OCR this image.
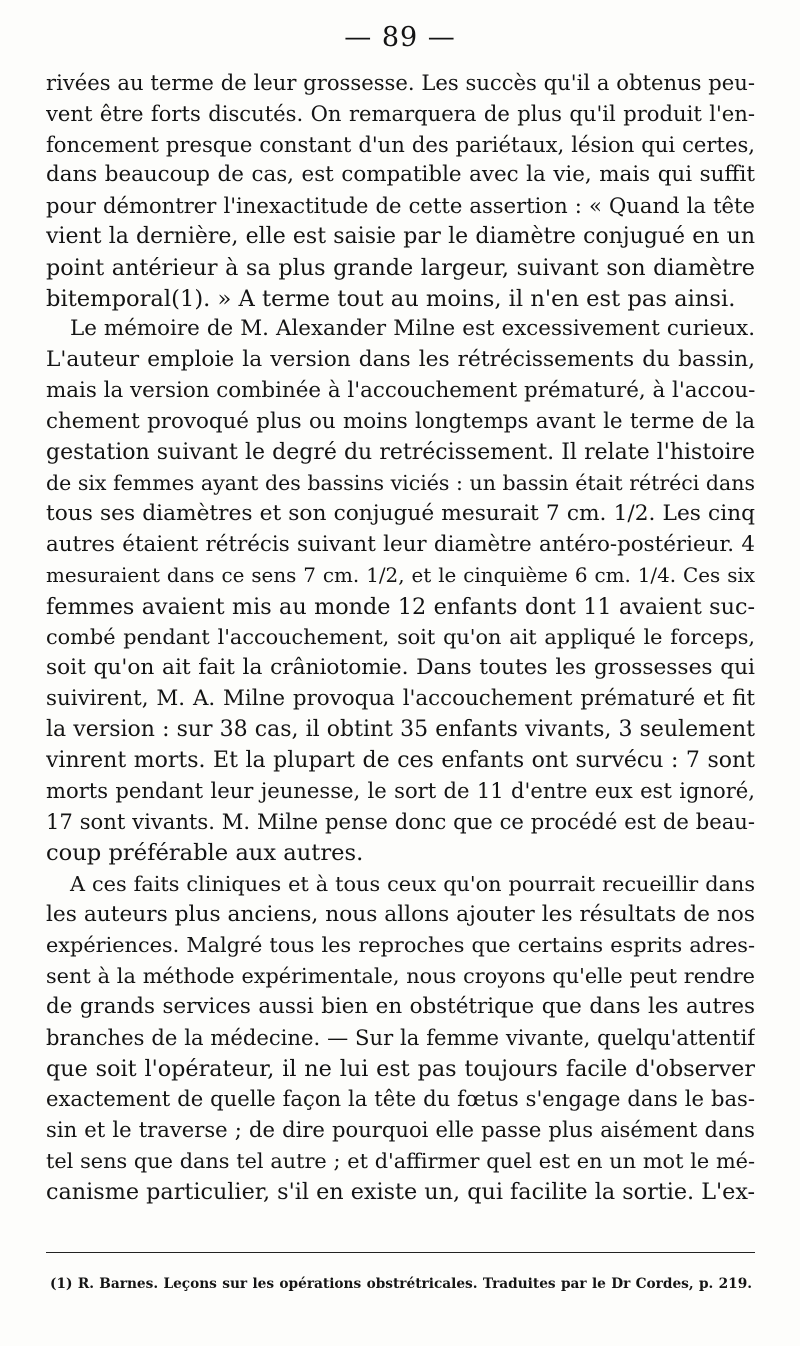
— 89 —
rivées au terme de leur grossesse. Les succès qu'il a obtenus peu-
vent être forts discutés. On remarquera de plus qu'il produit l'en-
foncement presque constant d'un des pariétaux, lésion qui certes,
dans beaucoup de cas, est compatible avec la vie, mais qui suffit
pour démontrer l'inexactitude de cette assertion : « Quand la tête
vient la dernière, elle est saisie par le diamètre conjugué en un
point antérieur à sa plus grande largeur, suivant son diamètre
bitemporal(1). » A terme tout au moins, il n'en est pas ainsi.
Le mémoire de M. Alexander Milne est excessivement curieux.
L'auteur emploie la version dans les rétrécissements du bassin,
mais la version combinée à l'accouchement prématuré, à l'accou-
chement provoqué plus ou moins longtemps avant le terme de la
gestation suivant le degré du retrécissement. Il relate l'histoire
de six femmes ayant des bassins viciés : un bassin était rétréci dans
tous ses diamètres et son conjugué mesurait 7 cm. 1/2. Les cinq
autres étaient rétrécis suivant leur diamètre antéro-postérieur. 4
mesuraient dans ce sens 7 cm. 1/2, et le cinquième 6 cm. 1/4. Ces six
femmes avaient mis au monde 12 enfants dont 11 avaient suc-
combé pendant l'accouchement, soit qu'on ait appliqué le forceps,
soit qu'on ait fait la crâniotomie. Dans toutes les grossesses qui
suivirent, M. A. Milne provoqua l'accouchement prématuré et fit
la version : sur 38 cas, il obtint 35 enfants vivants, 3 seulement
vinrent morts. Et la plupart de ces enfants ont survécu : 7 sont
morts pendant leur jeunesse, le sort de 11 d'entre eux est ignoré,
17 sont vivants. M. Milne pense donc que ce procédé est de beau-
coup préférable aux autres.
A ces faits cliniques et à tous ceux qu'on pourrait recueillir dans
les auteurs plus anciens, nous allons ajouter les résultats de nos
expériences. Malgré tous les reproches que certains esprits adres-
sent à la méthode expérimentale, nous croyons qu'elle peut rendre
de grands services aussi bien en obstétrique que dans les autres
branches de la médecine. — Sur la femme vivante, quelqu'attentif
que soit l'opérateur, il ne lui est pas toujours facile d'observer
exactement de quelle façon la tête du fœtus s'engage dans le bas-
sin et le traverse ; de dire pourquoi elle passe plus aisément dans
tel sens que dans tel autre ; et d'affirmer quel est en un mot le mé-
canisme particulier, s'il en existe un, qui facilite la sortie. L'ex-
(1) R. Barnes. Leçons sur les opérations obstrétricales. Traduites par le Dr Cordes, p. 219.
